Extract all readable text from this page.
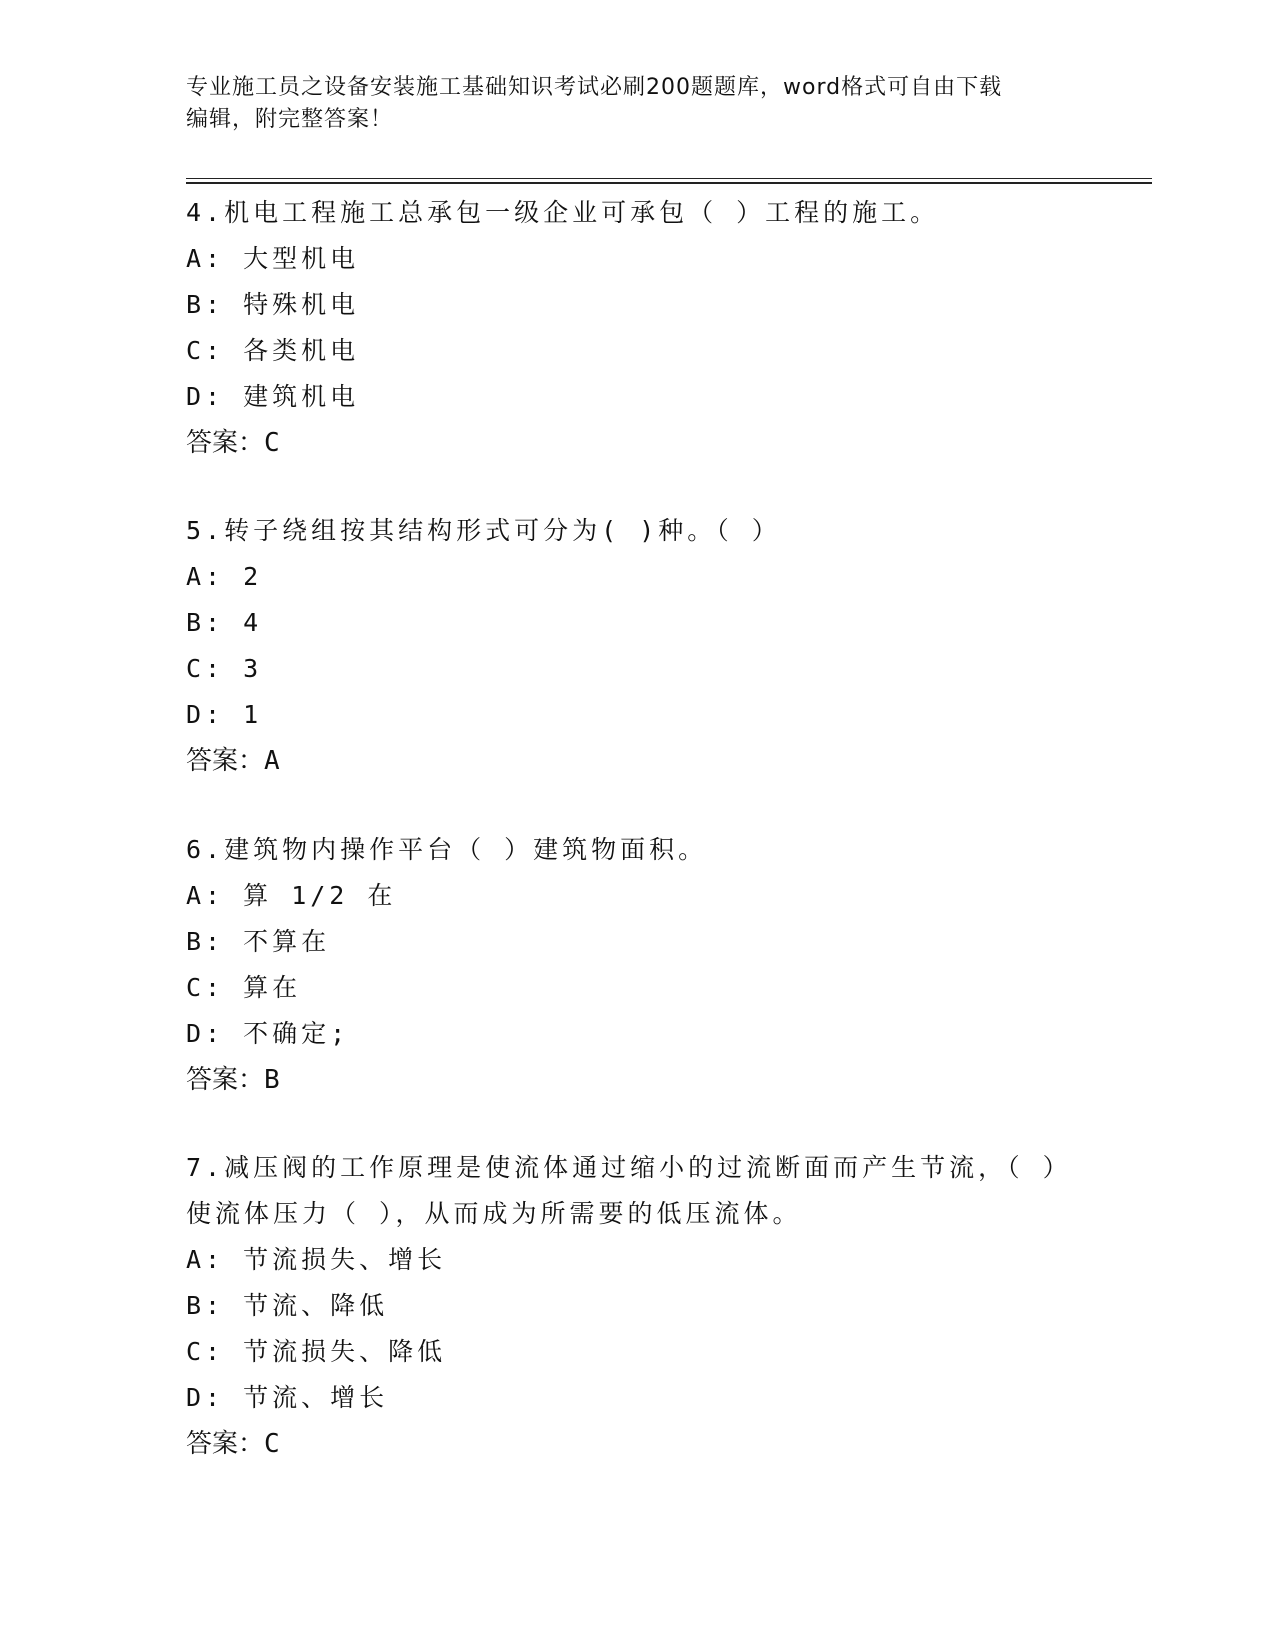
专业施工员之设备安装施工基础知识考试必刷200题题库，word格式可自由下载
编辑，附完整答案！

4.机电工程施工总承包一级企业可承包（ ）工程的施工。

A: 大型机电

B: 特殊机电

C: 各类机电

D: 建筑机电

答案：C

5.转子绕组按其结构形式可分为( )种。（ ）

A: 2

B: 4

C: 3

D: 1

答案：A

6.建筑物内操作平台（ ）建筑物面积。

A: 算 1/2 在

B: 不算在

C: 算在

D: 不确定;

答案：B

7.减压阀的工作原理是使流体通过缩小的过流断面而产生节流，（ ）

使流体压力（ ），从而成为所需要的低压流体。

A: 节流损失、增长

B: 节流、降低

C: 节流损失、降低

D: 节流、增长

答案：C
